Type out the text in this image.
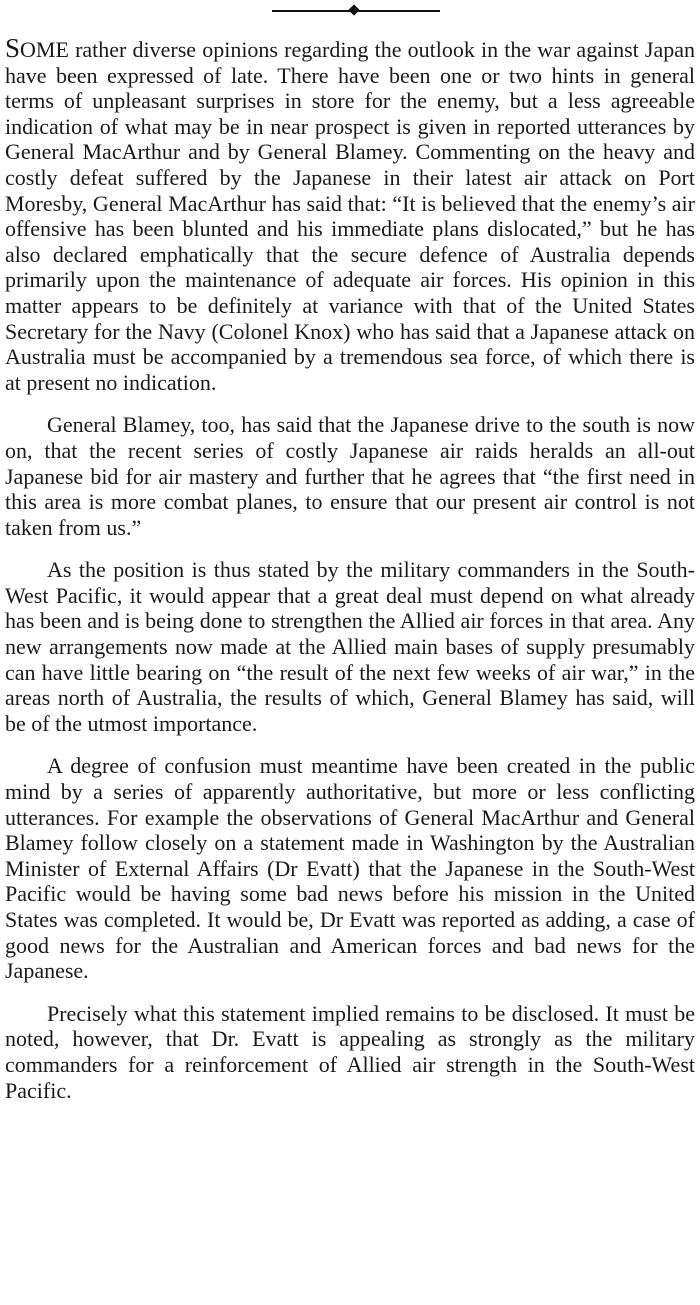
SOME rather diverse opinions regarding the outlook in the war against Japan have been expressed of late. There have been one or two hints in general terms of unpleasant surprises in store for the enemy, but a less agreeable indication of what may be in near prospect is given in reported utterances by General MacArthur and by General Blamey. Commenting on the heavy and costly defeat suffered by the Japanese in their latest air attack on Port Moresby, General MacArthur has said that: “It is believed that the enemy’s air offensive has been blunted and his immediate plans dislocated,” but he has also declared emphatically that the secure defence of Australia depends primarily upon the maintenance of adequate air forces. His opinion in this matter appears to be definitely at variance with that of the United States Secretary for the Navy (Colonel Knox) who has said that a Japanese attack on Australia must be accompanied by a tremendous sea force, of which there is at present no indication.

General Blamey, too, has said that the Japanese drive to the south is now on, that the recent series of costly Japanese air raids heralds an all-out Japanese bid for air mastery and further that he agrees that “the first need in this area is more combat planes, to ensure that our present air control is not taken from us.”

As the position is thus stated by the military commanders in the South-West Pacific, it would appear that a great deal must depend on what already has been and is being done to strengthen the Allied air forces in that area. Any new arrangements now made at the Allied main bases of supply presumably can have little bearing on “the result of the next few weeks of air war,” in the areas north of Australia, the results of which, General Blamey has said, will be of the utmost importance.

A degree of confusion must meantime have been created in the public mind by a series of apparently authoritative, but more or less conflicting utterances. For example the observations of General MacArthur and General Blamey follow closely on a statement made in Washington by the Australian Minister of External Affairs (Dr Evatt) that the Japanese in the South-West Pacific would be having some bad news before his mission in the United States was completed. It would be, Dr Evatt was reported as adding, a case of good news for the Australian and American forces and bad news for the Japanese.

Precisely what this statement implied remains to be disclosed. It must be noted, however, that Dr. Evatt is appealing as strongly as the military commanders for a reinforcement of Allied air strength in the South-West Pacific.
